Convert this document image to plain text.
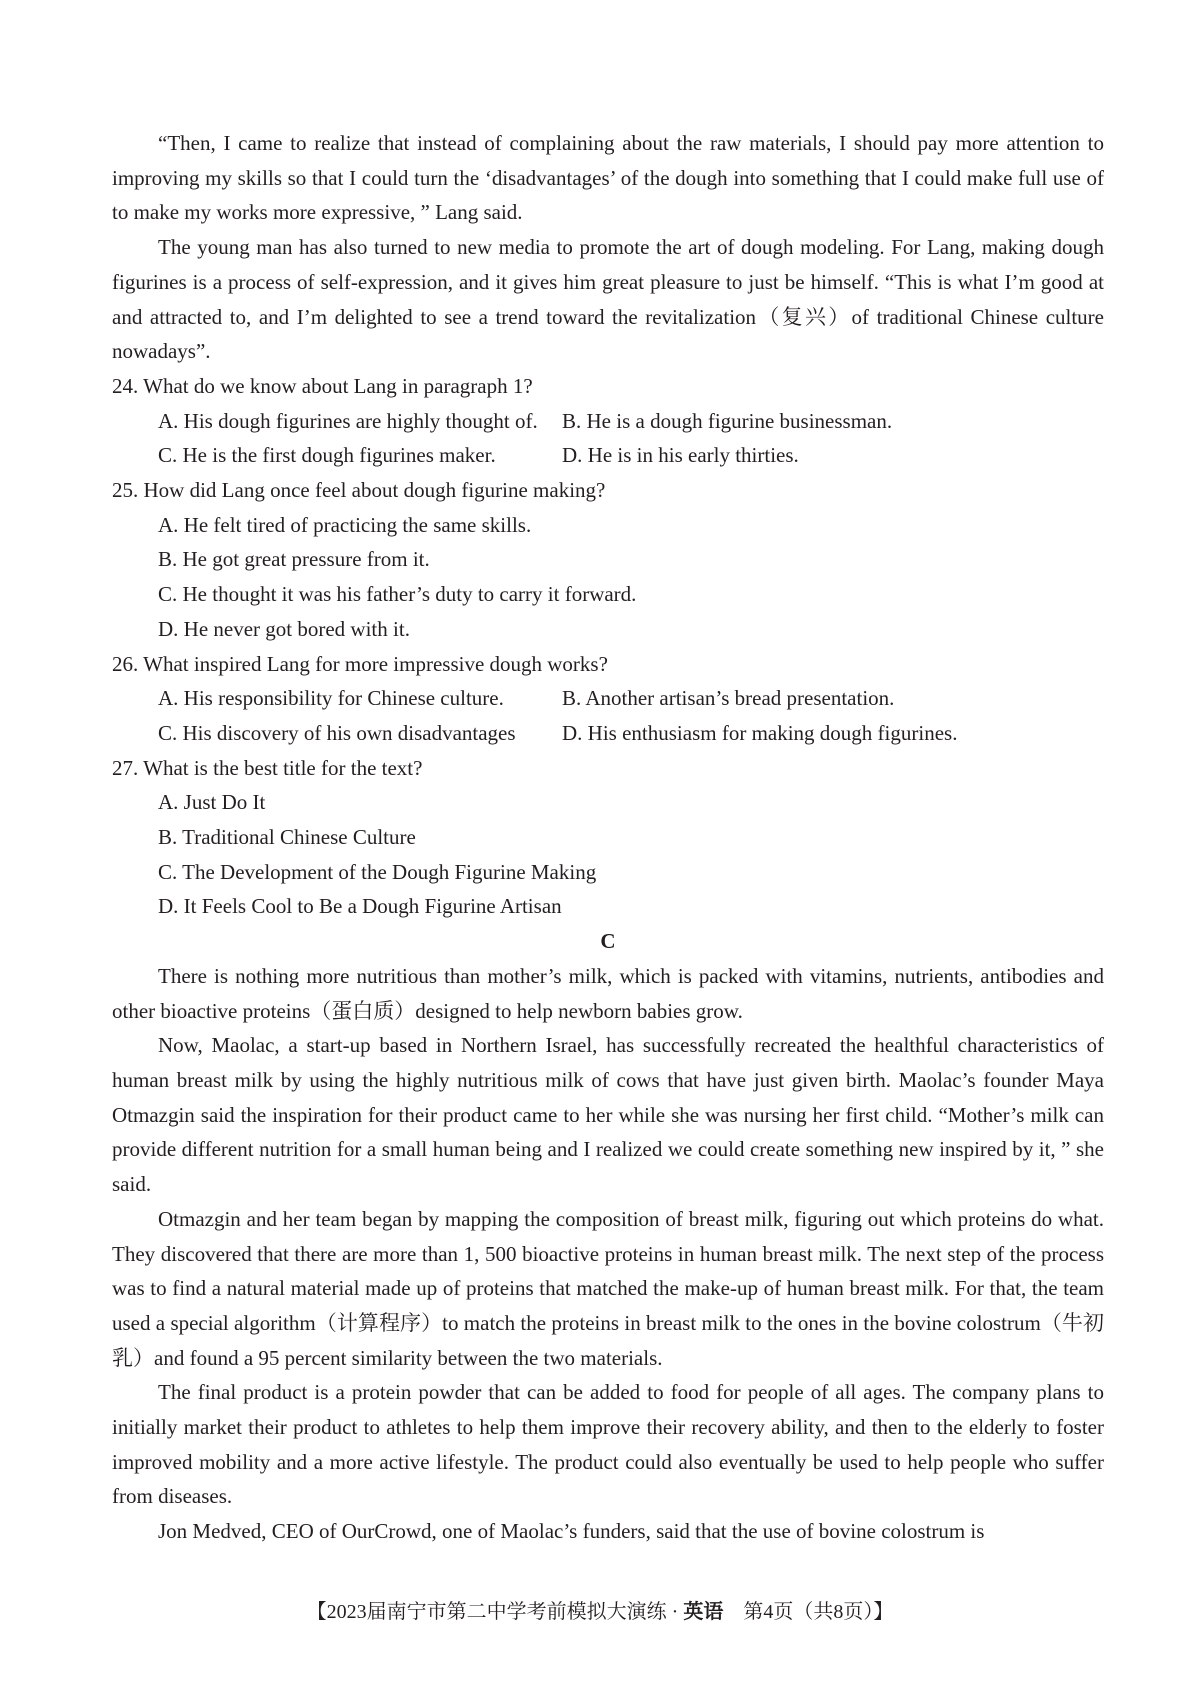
“Then, I came to realize that instead of complaining about the raw materials, I should pay more attention to improving my skills so that I could turn the ‘disadvantages’ of the dough into something that I could make full use of to make my works more expressive, ” Lang said.

The young man has also turned to new media to promote the art of dough modeling. For Lang, making dough figurines is a process of self-expression, and it gives him great pleasure to just be himself. “This is what I’m good at and attracted to, and I’m delighted to see a trend toward the revitalization（复兴）of traditional Chinese culture nowadays”.

24. What do we know about Lang in paragraph 1?

A. His dough figurines are highly thought of.	B. He is a dough figurine businessman.

C. He is the first dough figurines maker.	D. He is in his early thirties.

25. How did Lang once feel about dough figurine making?

A. He felt tired of practicing the same skills.

B. He got great pressure from it.

C. He thought it was his father’s duty to carry it forward.

D. He never got bored with it.

26. What inspired Lang for more impressive dough works?

A. His responsibility for Chinese culture.	B. Another artisan’s bread presentation.

C. His discovery of his own disadvantages	D. His enthusiasm for making dough figurines.

27. What is the best title for the text?

A. Just Do It

B. Traditional Chinese Culture

C. The Development of the Dough Figurine Making

D. It Feels Cool to Be a Dough Figurine Artisan

C

There is nothing more nutritious than mother’s milk, which is packed with vitamins, nutrients, antibodies and other bioactive proteins（蛋白质）designed to help newborn babies grow.

Now, Maolac, a start-up based in Northern Israel, has successfully recreated the healthful characteristics of human breast milk by using the highly nutritious milk of cows that have just given birth. Maolac’s founder Maya Otmazgin said the inspiration for their product came to her while she was nursing her first child. “Mother’s milk can provide different nutrition for a small human being and I realized we could create something new inspired by it, ” she said.

Otmazgin and her team began by mapping the composition of breast milk, figuring out which proteins do what. They discovered that there are more than 1, 500 bioactive proteins in human breast milk. The next step of the process was to find a natural material made up of proteins that matched the make-up of human breast milk. For that, the team used a special algorithm（计算程序）to match the proteins in breast milk to the ones in the bovine colostrum（牛初乳）and found a 95 percent similarity between the two materials.

The final product is a protein powder that can be added to food for people of all ages. The company plans to initially market their product to athletes to help them improve their recovery ability, and then to the elderly to foster improved mobility and a more active lifestyle. The product could also eventually be used to help people who suffer from diseases.

Jon Medved, CEO of OurCrowd, one of Maolac’s funders, said that the use of bovine colostrum is

【2023届南宁市第二中学考前模拟大演练 · 英语　第4页（共8页）】
